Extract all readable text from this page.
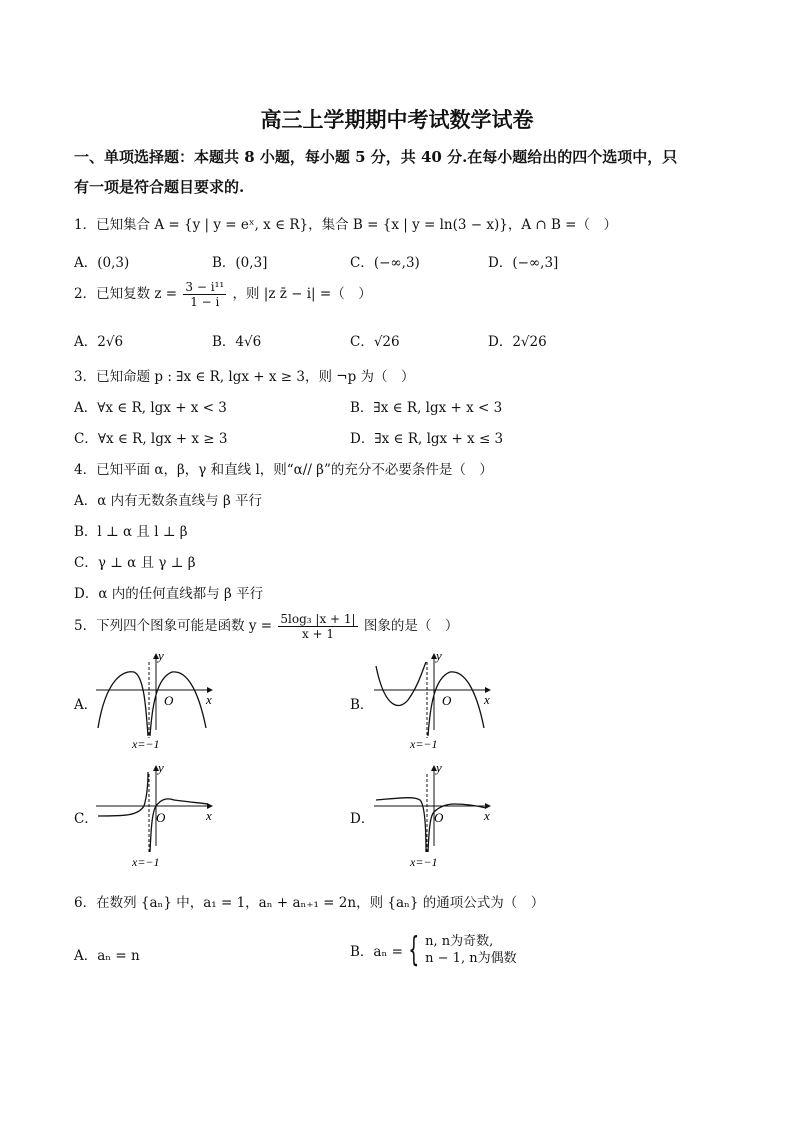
高三上学期期中考试数学试卷
一、单项选择题：本题共 8 小题，每小题 5 分，共 40 分.在每小题给出的四个选项中，只
有一项是符合题目要求的.
1．已知集合 A = {y | y = eˣ, x ∈ R}，集合 B = {x | y = ln(3 − x)}，A ∩ B =（　）
A．(0,3)	B．(0,3]	C．(−∞,3)	D．(−∞,3]
2．已知复数 $z = \frac{\text{3 − i¹¹}}{1 - i}$ ，则 |z z̄ − i| =（　）
A．2√6	B．4√6	C．√26	D．2√26
3．已知命题 p : ∃x ∈ R, lgx + x ≥ 3，则 ¬p 为（　）
A．∀x ∈ R, lgx + x < 3	B．∃x ∈ R, lgx + x < 3
C．∀x ∈ R, lgx + x ≥ 3	D．∃x ∈ R, lgx + x ≤ 3
4．已知平面 α，β，γ 和直线 l，则“α// β”的充分不必要条件是（　）
A．α 内有无数条直线与 β 平行
B．l ⊥ α 且 l ⊥ β
C．γ ⊥ α 且 γ ⊥ β
D．α 内的任何直线都与 β 平行
5．下列四个图象可能是函数 $y = \frac{\text{5log₃ |x + 1|}}{x + 1}$ 图象的是（　）
A．	x
y
O
x=−1
B．	x
y
O
x=−1
C．	x
y
O
x=−1
D．	x
y
O
x=−1
6．在数列 {aₙ} 中，a₁ = 1，aₙ + aₙ₊₁ = 2n，则 {aₙ} 的通项公式为（　）
A．aₙ = n	B．aₙ = { n, n为奇数,
n − 1, n为偶数
